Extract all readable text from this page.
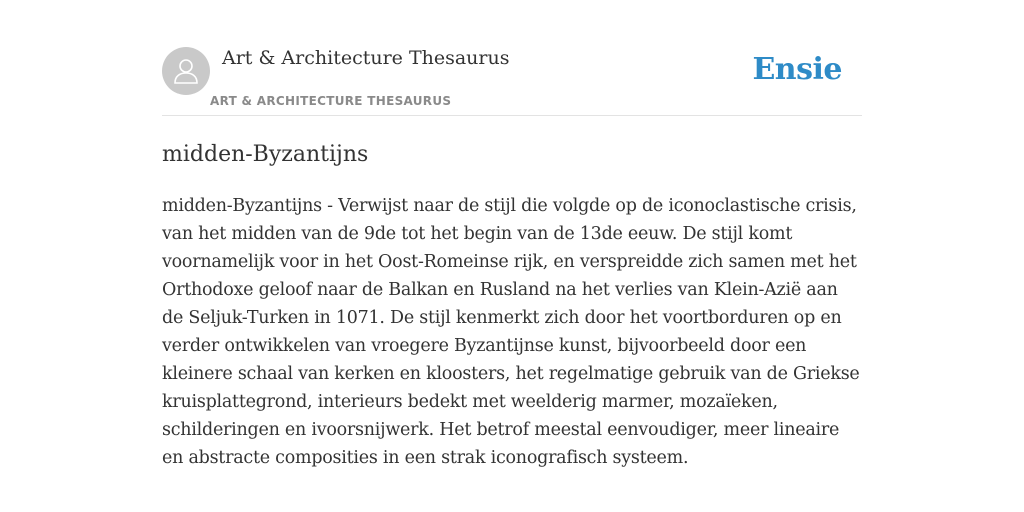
Art & Architecture Thesaurus
ART & ARCHITECTURE THESAURUS
Ensie
midden-Byzantijns

midden-Byzantijns - Verwijst naar de stijl die volgde op de iconoclastische crisis, van het midden van de 9de tot het begin van de 13de eeuw. De stijl komt voornamelijk voor in het Oost-Romeinse rijk, en verspreidde zich samen met het Orthodoxe geloof naar de Balkan en Rusland na het verlies van Klein-Azië aan de Seljuk-Turken in 1071. De stijl kenmerkt zich door het voortborduren op en verder ontwikkelen van vroegere Byzantijnse kunst, bijvoorbeeld door een kleinere schaal van kerken en kloosters, het regelmatige gebruik van de Griekse kruisplattegrond, interieurs bedekt met weelderig marmer, mozaïeken, schilderingen en ivoorsnijwerk. Het betrof meestal eenvoudiger, meer lineaire en abstracte composities in een strak iconografisch systeem.
